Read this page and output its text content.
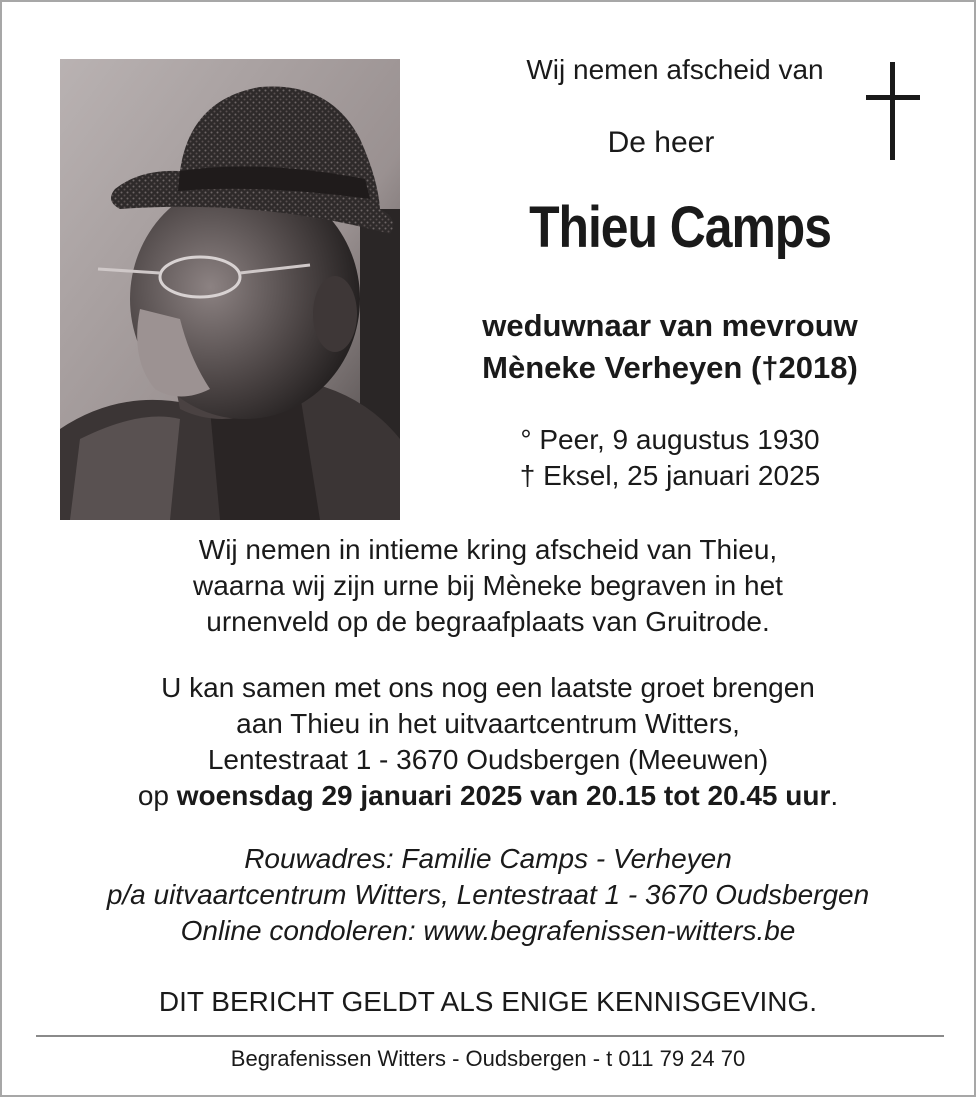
Wij nemen afscheid van
De heer
Thieu Camps
weduwnaar van mevrouw
Mèneke Verheyen (†2018)
° Peer, 9 augustus 1930
† Eksel, 25 januari 2025
Wij nemen in intieme kring afscheid van Thieu,
waarna wij zijn urne bij Mèneke begraven in het
urnenveld op de begraafplaats van Gruitrode.
U kan samen met ons nog een laatste groet brengen
aan Thieu in het uitvaartcentrum Witters,
Lentestraat 1 - 3670 Oudsbergen (Meeuwen)
op woensdag 29 januari 2025 van 20.15 tot 20.45 uur.
Rouwadres: Familie Camps - Verheyen
p/a uitvaartcentrum Witters, Lentestraat 1 - 3670 Oudsbergen
Online condoleren: www.begrafenissen-witters.be
DIT BERICHT GELDT ALS ENIGE KENNISGEVING.
Begrafenissen Witters - Oudsbergen - t 011 79 24 70
